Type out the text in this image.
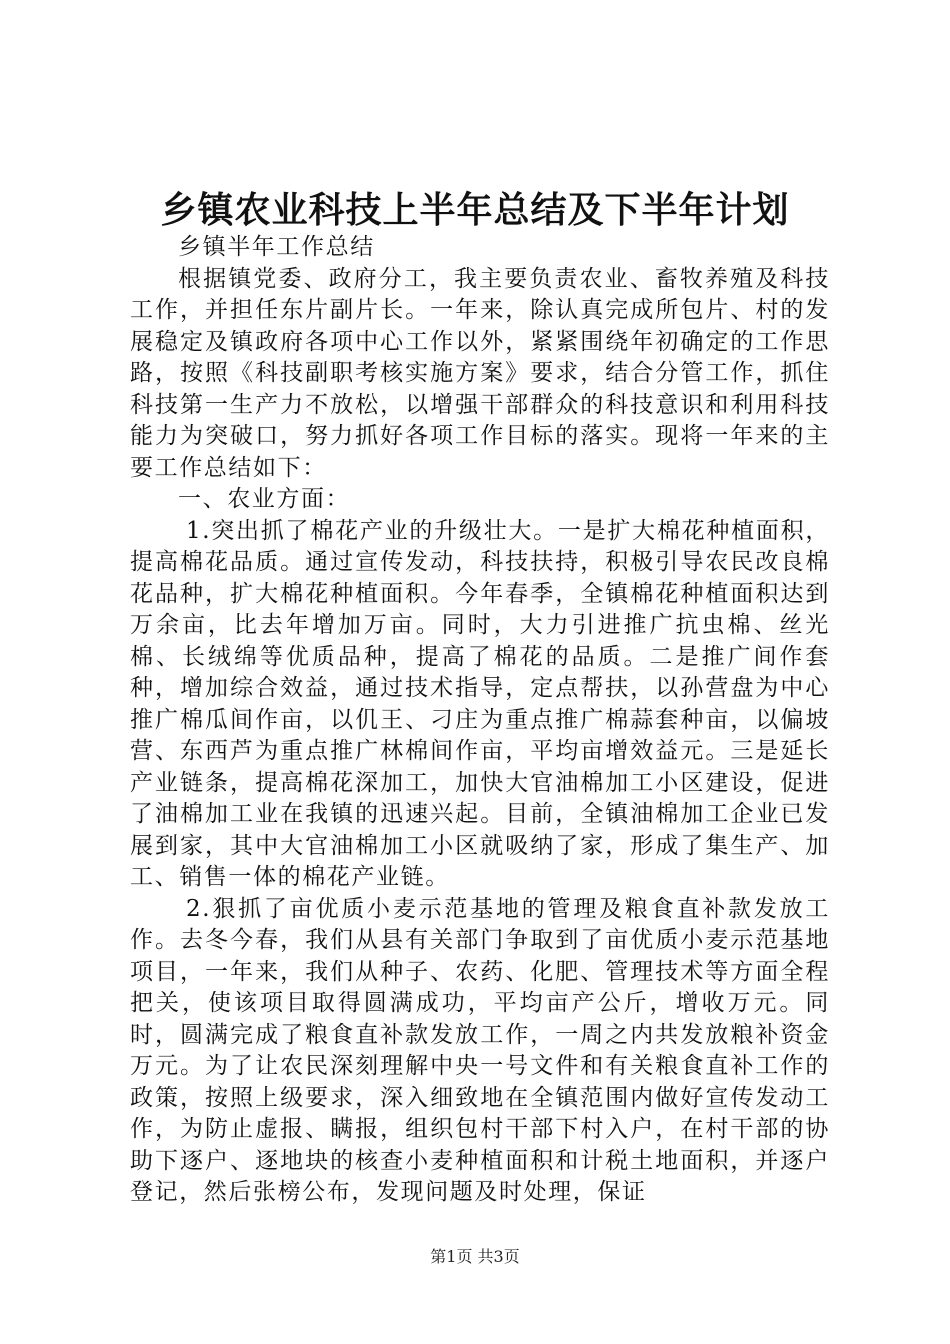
乡镇农业科技上半年总结及下半年计划

乡镇半年工作总结

根据镇党委、政府分工，我主要负责农业、畜牧养殖及科技工作，并担任东片副片长。一年来，除认真完成所包片、村的发展稳定及镇政府各项中心工作以外，紧紧围绕年初确定的工作思路，按照《科技副职考核实施方案》要求，结合分管工作，抓住科技第一生产力不放松，以增强干部群众的科技意识和利用科技能力为突破口，努力抓好各项工作目标的落实。现将一年来的主要工作总结如下：

一、农业方面：

1.突出抓了棉花产业的升级壮大。一是扩大棉花种植面积，提高棉花品质。通过宣传发动，科技扶持，积极引导农民改良棉花品种，扩大棉花种植面积。今年春季，全镇棉花种植面积达到万余亩，比去年增加万亩。同时，大力引进推广抗虫棉、丝光棉、长绒绵等优质品种，提高了棉花的品质。二是推广间作套种，增加综合效益，通过技术指导，定点帮扶，以孙营盘为中心推广棉瓜间作亩，以仉王、刁庄为重点推广棉蒜套种亩，以偏坡营、东西芦为重点推广林棉间作亩，平均亩增效益元。三是延长产业链条，提高棉花深加工，加快大官油棉加工小区建设，促进了油棉加工业在我镇的迅速兴起。目前，全镇油棉加工企业已发展到家，其中大官油棉加工小区就吸纳了家，形成了集生产、加工、销售一体的棉花产业链。

2.狠抓了亩优质小麦示范基地的管理及粮食直补款发放工作。去冬今春，我们从县有关部门争取到了亩优质小麦示范基地项目，一年来，我们从种子、农药、化肥、管理技术等方面全程把关，使该项目取得圆满成功，平均亩产公斤，增收万元。同时，圆满完成了粮食直补款发放工作，一周之内共发放粮补资金万元。为了让农民深刻理解中央一号文件和有关粮食直补工作的政策，按照上级要求，深入细致地在全镇范围内做好宣传发动工作，为防止虚报、瞒报，组织包村干部下村入户，在村干部的协助下逐户、逐地块的核查小麦种植面积和计税土地面积，并逐户登记，然后张榜公布，发现问题及时处理，保证

第1页 共3页
